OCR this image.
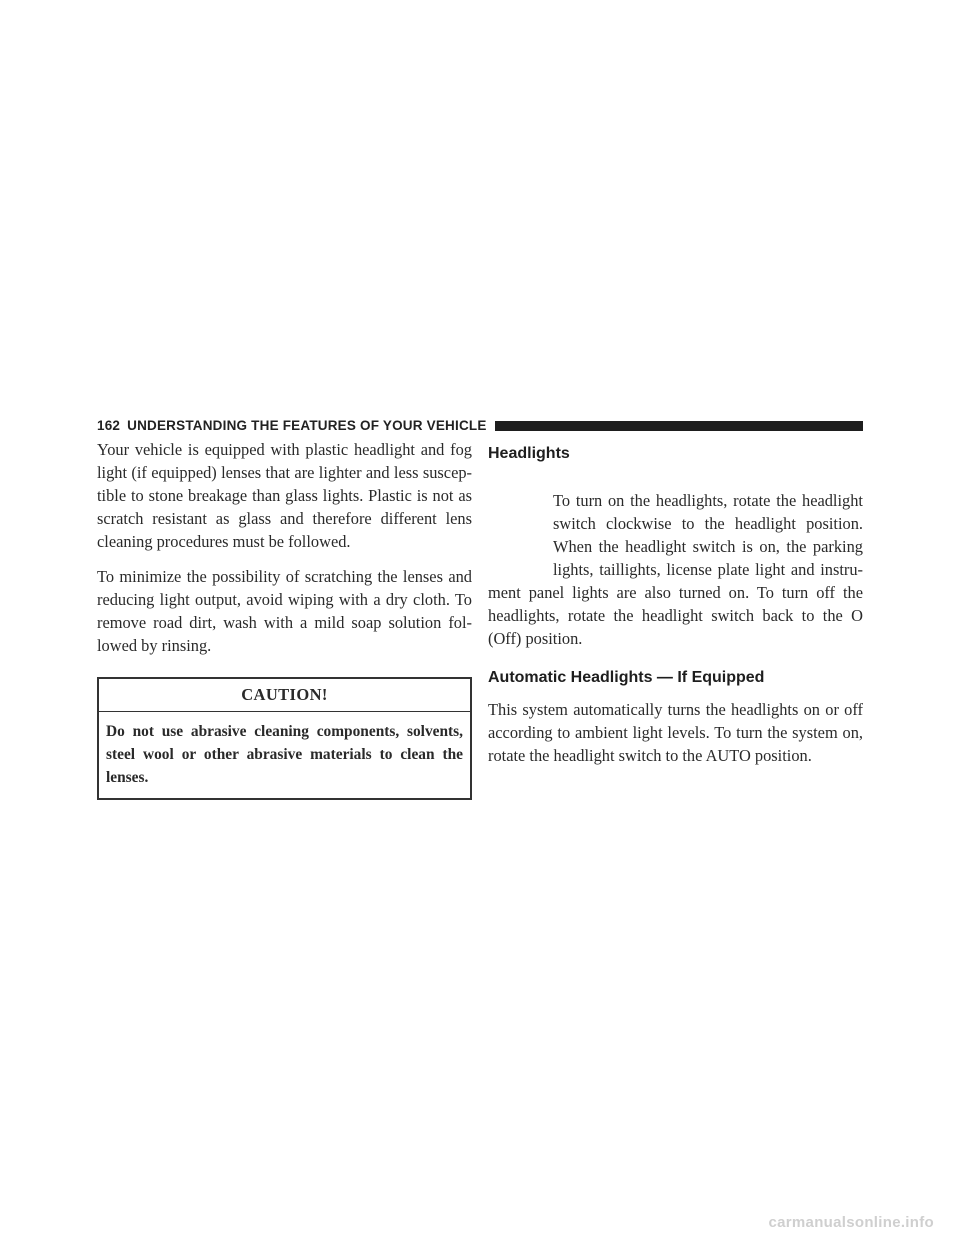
162 UNDERSTANDING THE FEATURES OF YOUR VEHICLE

Your vehicle is equipped with plastic headlight and fog light (if equipped) lenses that are lighter and less suscep-tible to stone breakage than glass lights. Plastic is not as scratch resistant as glass and therefore different lens cleaning procedures must be followed.

To minimize the possibility of scratching the lenses and reducing light output, avoid wiping with a dry cloth. To remove road dirt, wash with a mild soap solution fol-lowed by rinsing.

CAUTION!
Do not use abrasive cleaning components, solvents, steel wool or other abrasive materials to clean the lenses.
Headlights

To turn on the headlights, rotate the headlight

switch clockwise to the headlight position.

When the headlight switch is on, the parking

lights, taillights, license plate light and instru-

ment panel lights are also turned on. To turn off the headlights, rotate the headlight switch back to the O (Off) position.

Automatic Headlights — If Equipped

This system automatically turns the headlights on or off according to ambient light levels. To turn the system on, rotate the headlight switch to the AUTO position.

carmanualsonline.info
